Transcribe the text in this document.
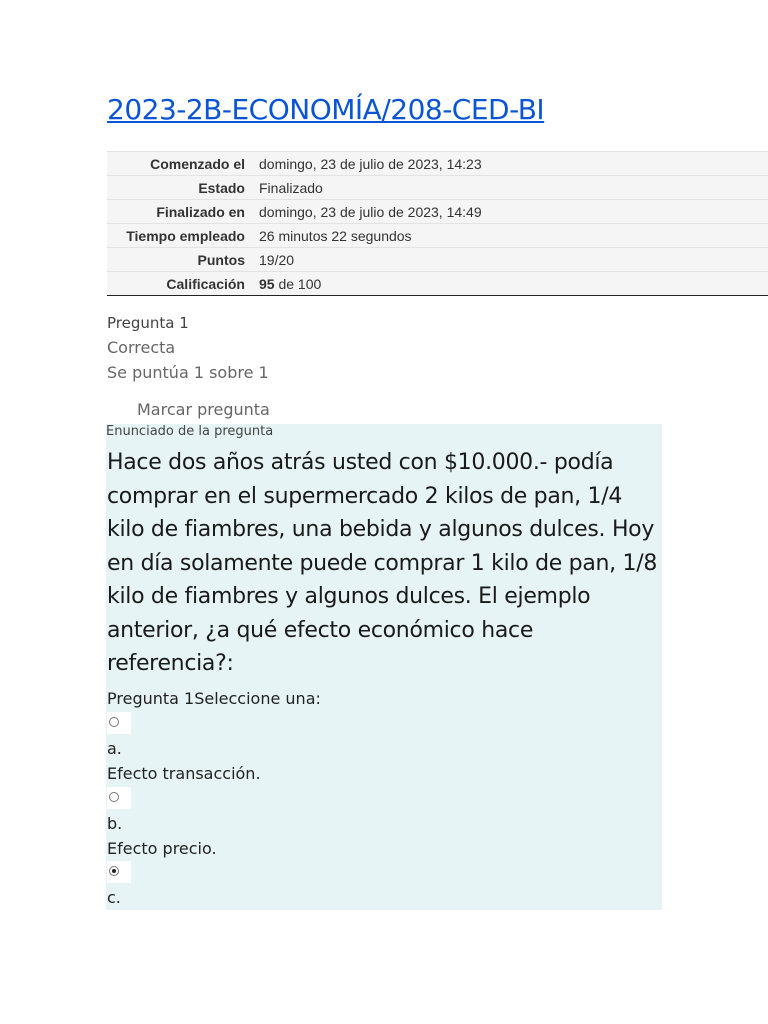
2023-2B-ECONOMÍA/208-CED-BI
Comenzado el	domingo, 23 de julio de 2023, 14:23
Estado	Finalizado
Finalizado en	domingo, 23 de julio de 2023, 14:49
Tiempo empleado	26 minutos 22 segundos
Puntos	19/20
Calificación	95 de 100
Pregunta 1
Correcta
Se puntúa 1 sobre 1
Marcar pregunta
Enunciado de la pregunta
Hace dos años atrás usted con $10.000.- podía comprar en el supermercado 2 kilos de pan, 1/4 kilo de fiambres, una bebida y algunos dulces. Hoy en día solamente puede comprar 1 kilo de pan, 1/8 kilo de fiambres y algunos dulces. El ejemplo anterior, ¿a qué efecto económico hace referencia?:
Pregunta 1Seleccione una:
a.
Efecto transacción.
b.
Efecto precio.
c.
